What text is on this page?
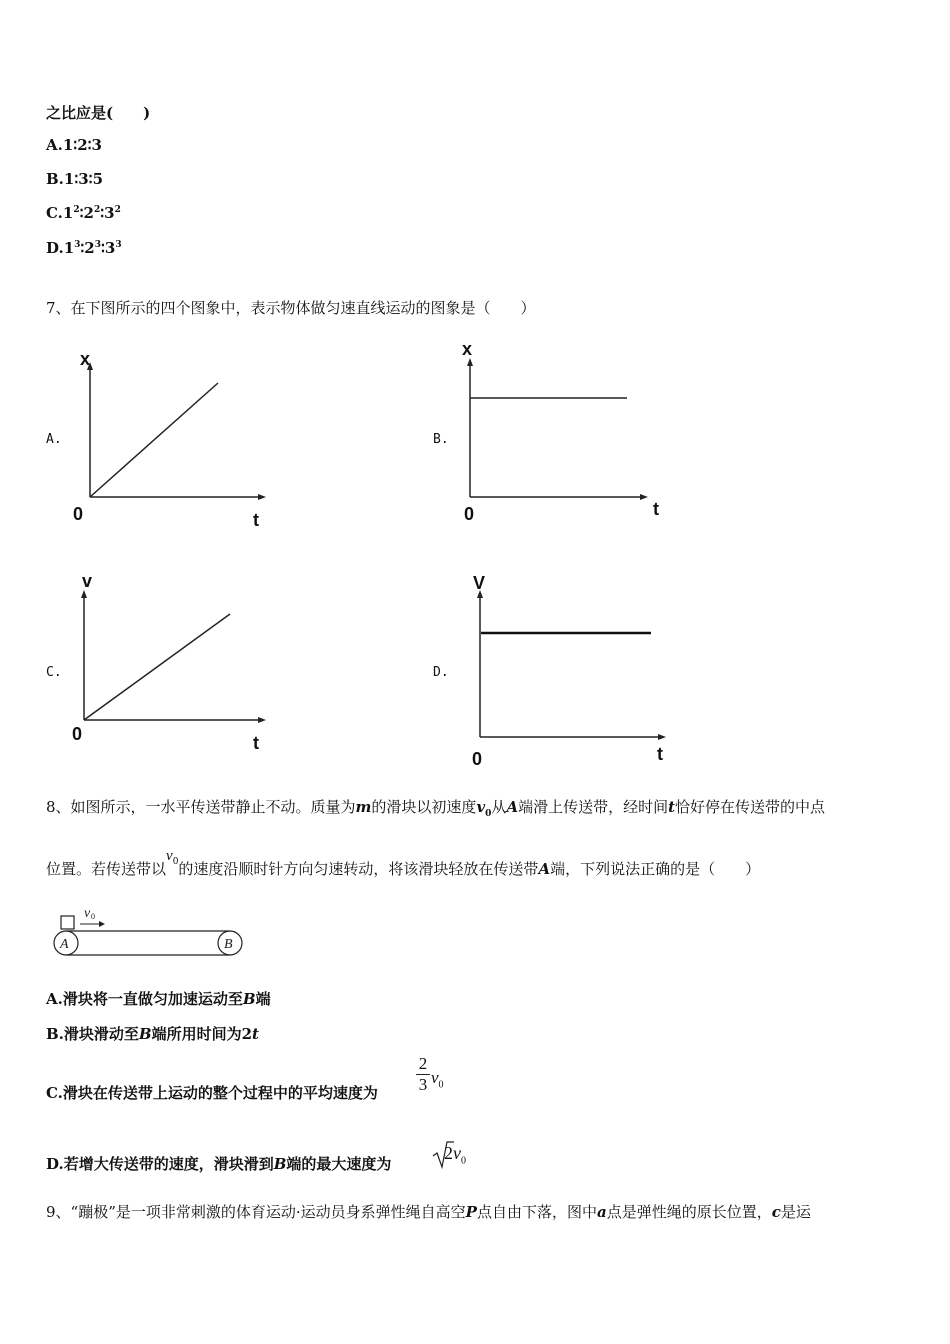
之比应是(　　)
A.1∶2∶3
B.1∶3∶5
$C.1^2∶2^2∶3^2$
$D.1^3∶2^3∶3^3$
7、在下图所示的四个图象中，表示物体做匀速直线运动的图象是（　　）
A.
x
0	t
B.
x
0	t
C.
v
0	t
D.
V
0	t
8、如图所示，一水平传送带静止不动。质量为m的滑块以初速度$v_0$从A端滑上传送带，经时间t恰好停在传送带的中点
位置。若传送带以$v_0$的速度沿顺时针方向匀速转动，将该滑块轻放在传送带A端，下列说法正确的是（　　）
v 0
A	B
A.滑块将一直做匀加速运动至B端
B.滑块滑动至B端所用时间为2t
C.滑块在传送带上运动的整个过程中的平均速度为
2
3 $v_0$
D.若增大传送带的速度，滑块滑到B端的最大速度为
$2v_0$
9、“蹦极”是一项非常刺激的体育运动·运动员身系弹性绳自高空P点自由下落，图中a点是弹性绳的原长位置，c是运
